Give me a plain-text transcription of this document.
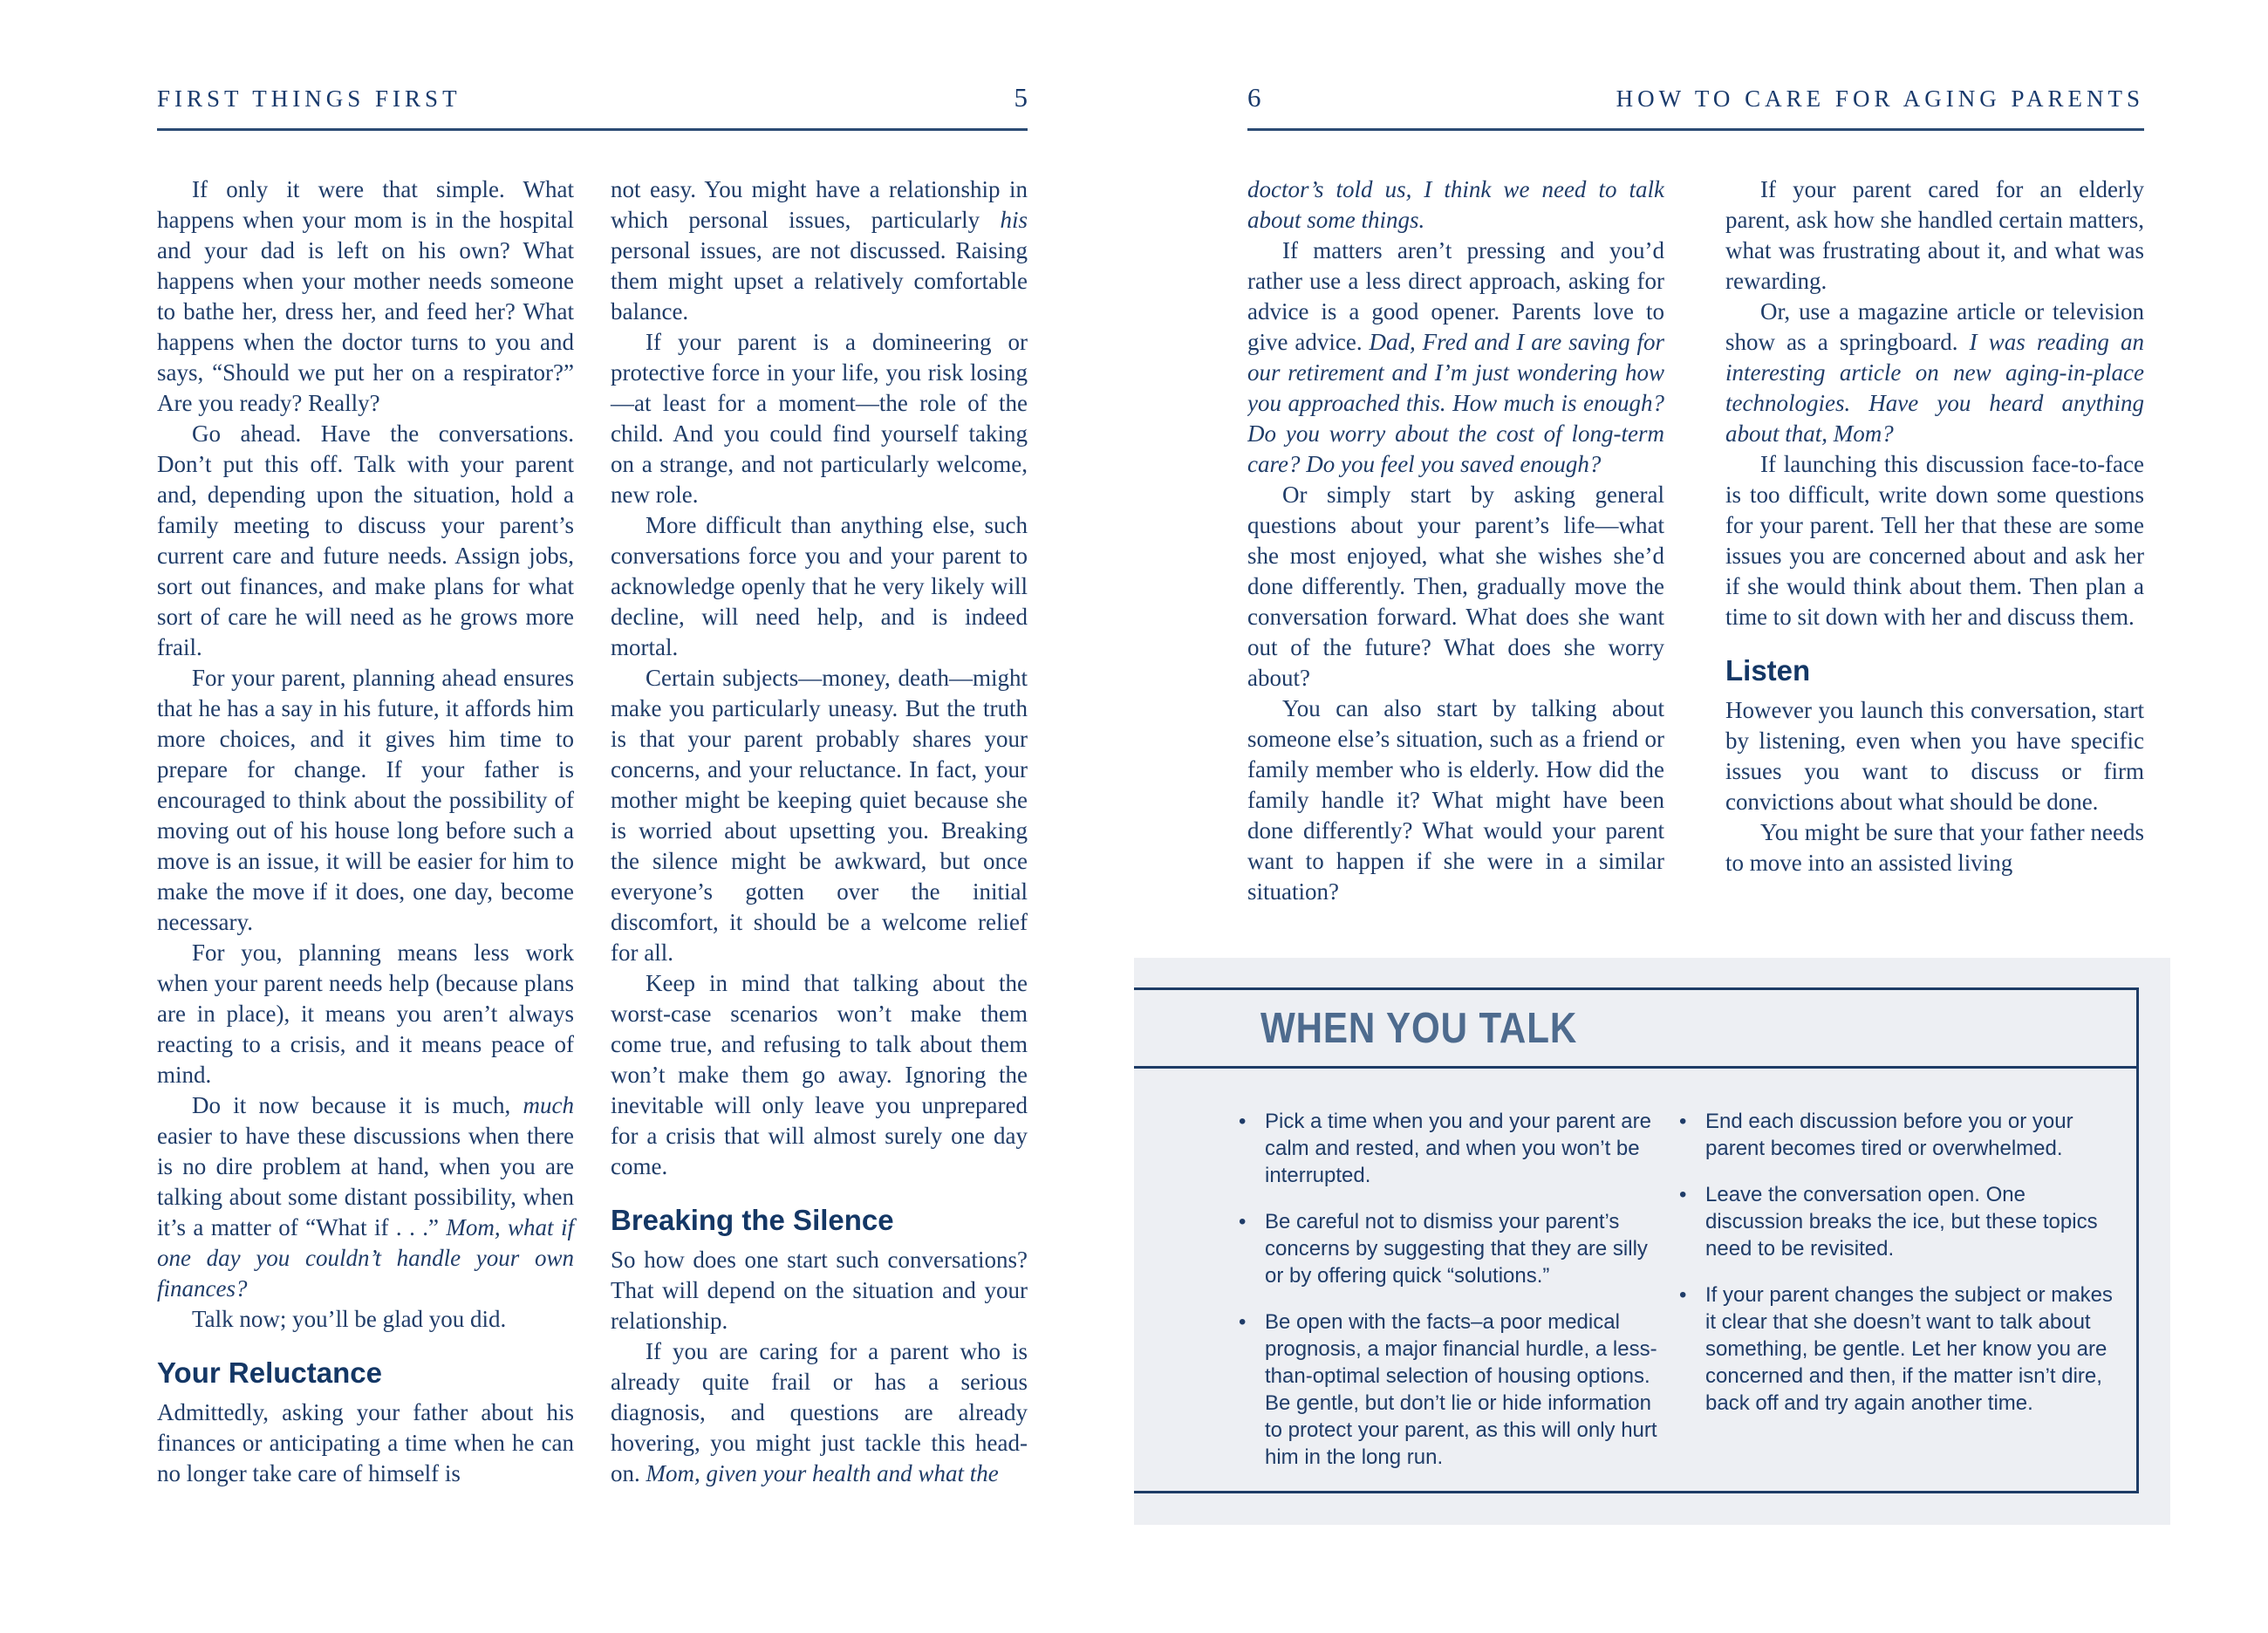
FIRST THINGS FIRST	5

If only it were that simple. What happens when your mom is in the hospital and your dad is left on his own? What happens when your mother needs someone to bathe her, dress her, and feed her? What happens when the doctor turns to you and says, “Should we put her on a respirator?” Are you ready? Really?

Go ahead. Have the conversations. Don’t put this off. Talk with your parent and, depending upon the situation, hold a family meeting to discuss your parent’s current care and future needs. Assign jobs, sort out finances, and make plans for what sort of care he will need as he grows more frail.

For your parent, planning ahead ensures that he has a say in his future, it affords him more choices, and it gives him time to prepare for change. If your father is encouraged to think about the possibility of moving out of his house long before such a move is an issue, it will be easier for him to make the move if it does, one day, become necessary.

For you, planning means less work when your parent needs help (because plans are in place), it means you aren’t always reacting to a crisis, and it means peace of mind.

Do it now because it is much, much easier to have these discussions when there is no dire problem at hand, when you are talking about some distant possibility, when it’s a matter of “What if . . .” Mom, what if one day you couldn’t handle your own finances?

Talk now; you’ll be glad you did.

Your Reluctance

Admittedly, asking your father about his finances or anticipating a time when he can no longer take care of himself is

not easy. You might have a relationship in which personal issues, particularly his personal issues, are not discussed. Raising them might upset a relatively comfortable balance.

If your parent is a domineering or protective force in your life, you risk losing—at least for a moment—the role of the child. And you could find yourself taking on a strange, and not particularly welcome, new role.

More difficult than anything else, such conversations force you and your parent to acknowledge openly that he very likely will decline, will need help, and is indeed mortal.

Certain subjects—money, death—might make you particularly uneasy. But the truth is that your parent probably shares your concerns, and your reluctance. In fact, your mother might be keeping quiet because she is worried about upsetting you. Breaking the silence might be awkward, but once everyone’s gotten over the initial discomfort, it should be a welcome relief for all.

Keep in mind that talking about the worst-case scenarios won’t make them come true, and refusing to talk about them won’t make them go away. Ignoring the inevitable will only leave you unprepared for a crisis that will almost surely one day come.

Breaking the Silence

So how does one start such conversations? That will depend on the situation and your relationship.

If you are caring for a parent who is already quite frail or has a serious diagnosis, and questions are already hovering, you might just tackle this head-on. Mom, given your health and what the

6	HOW TO CARE FOR AGING PARENTS

doctor’s told us, I think we need to talk about some things.

If matters aren’t pressing and you’d rather use a less direct approach, asking for advice is a good opener. Parents love to give advice. Dad, Fred and I are saving for our retirement and I’m just wondering how you approached this. How much is enough? Do you worry about the cost of long-term care? Do you feel you saved enough?

Or simply start by asking general questions about your parent’s life—what she most enjoyed, what she wishes she’d done differently. Then, gradually move the conversation forward. What does she want out of the future? What does she worry about?

You can also start by talking about someone else’s situation, such as a friend or family member who is elderly. How did the family handle it? What might have been done differently? What would your parent want to happen if she were in a similar situation?

If your parent cared for an elderly parent, ask how she handled certain matters, what was frustrating about it, and what was rewarding.

Or, use a magazine article or television show as a springboard. I was reading an interesting article on new aging-in-place technologies. Have you heard anything about that, Mom?

If launching this discussion face-to-face is too difficult, write down some questions for your parent. Tell her that these are some issues you are concerned about and ask her if she would think about them. Then plan a time to sit down with her and discuss them.

Listen

However you launch this conversation, start by listening, even when you have specific issues you want to discuss or firm convictions about what should be done.

You might be sure that your father needs to move into an assisted living

WHEN YOU TALK
• Pick a time when you and your parent are calm and rested, and when you won’t be interrupted.
• Be careful not to dismiss your parent’s concerns by suggesting that they are silly or by offering quick “solutions.”
• Be open with the facts–a poor medical prognosis, a major financial hurdle, a less-than-optimal selection of housing options. Be gentle, but don’t lie or hide information to protect your parent, as this will only hurt him in the long run.
• End each discussion before you or your parent becomes tired or overwhelmed.
• Leave the conversation open. One discussion breaks the ice, but these topics need to be revisited.
• If your parent changes the subject or makes it clear that she doesn’t want to talk about something, be gentle. Let her know you are concerned and then, if the matter isn’t dire, back off and try again another time.
